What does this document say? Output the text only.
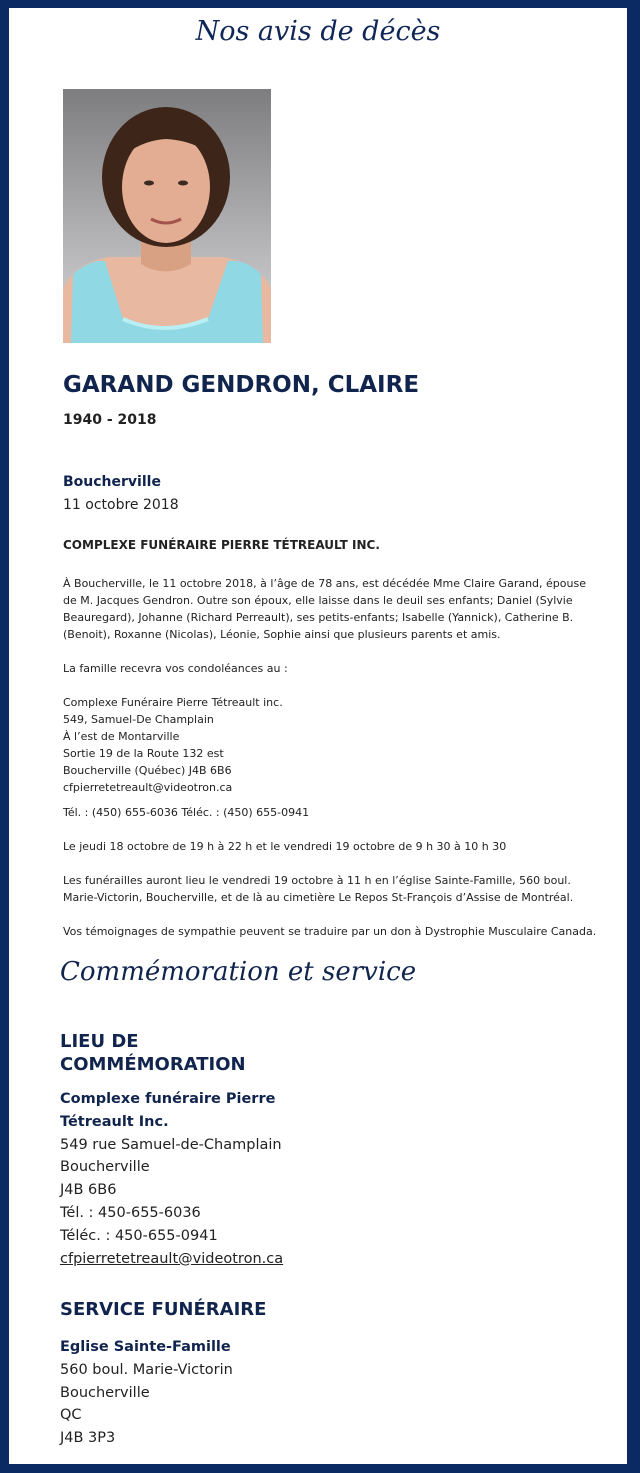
Nos avis de décès
GARAND GENDRON, CLAIRE
1940 - 2018
Boucherville
11 octobre 2018
COMPLEXE FUNÉRAIRE PIERRE TÉTREAULT INC.
À Boucherville, le 11 octobre 2018, à l’âge de 78 ans, est décédée Mme Claire Garand, épouse de M. Jacques Gendron. Outre son époux, elle laisse dans le deuil ses enfants; Daniel (Sylvie Beauregard), Johanne (Richard Perreault), ses petits-enfants; Isabelle (Yannick), Catherine B. (Benoit), Roxanne (Nicolas), Léonie, Sophie ainsi que plusieurs parents et amis.
La famille recevra vos condoléances au :
Complexe Funéraire Pierre Tétreault inc.
549, Samuel-De Champlain
À l’est de Montarville
Sortie 19 de la Route 132 est
Boucherville (Québec) J4B 6B6
cfpierretetreault@videotron.ca
Tél. : (450) 655-6036 Téléc. : (450) 655-0941
Le jeudi 18 octobre de 19 h à 22 h et le vendredi 19 octobre de 9 h 30 à 10 h 30
Les funérailles auront lieu le vendredi 19 octobre à 11 h en l’église Sainte-Famille, 560 boul. Marie-Victorin, Boucherville, et de là au cimetière Le Repos St-François d’Assise de Montréal.
Vos témoignages de sympathie peuvent se traduire par un don à Dystrophie Musculaire Canada.
Commémoration et service
LIEU DE COMMÉMORATION
Complexe funéraire Pierre Tétreault Inc.
549 rue Samuel-de-Champlain
Boucherville
J4B 6B6
Tél. : 450-655-6036
Téléc. : 450-655-0941
cfpierretetreault@videotron.ca
SERVICE FUNÉRAIRE
Eglise Sainte-Famille
560 boul. Marie-Victorin
Boucherville
QC
J4B 3P3
